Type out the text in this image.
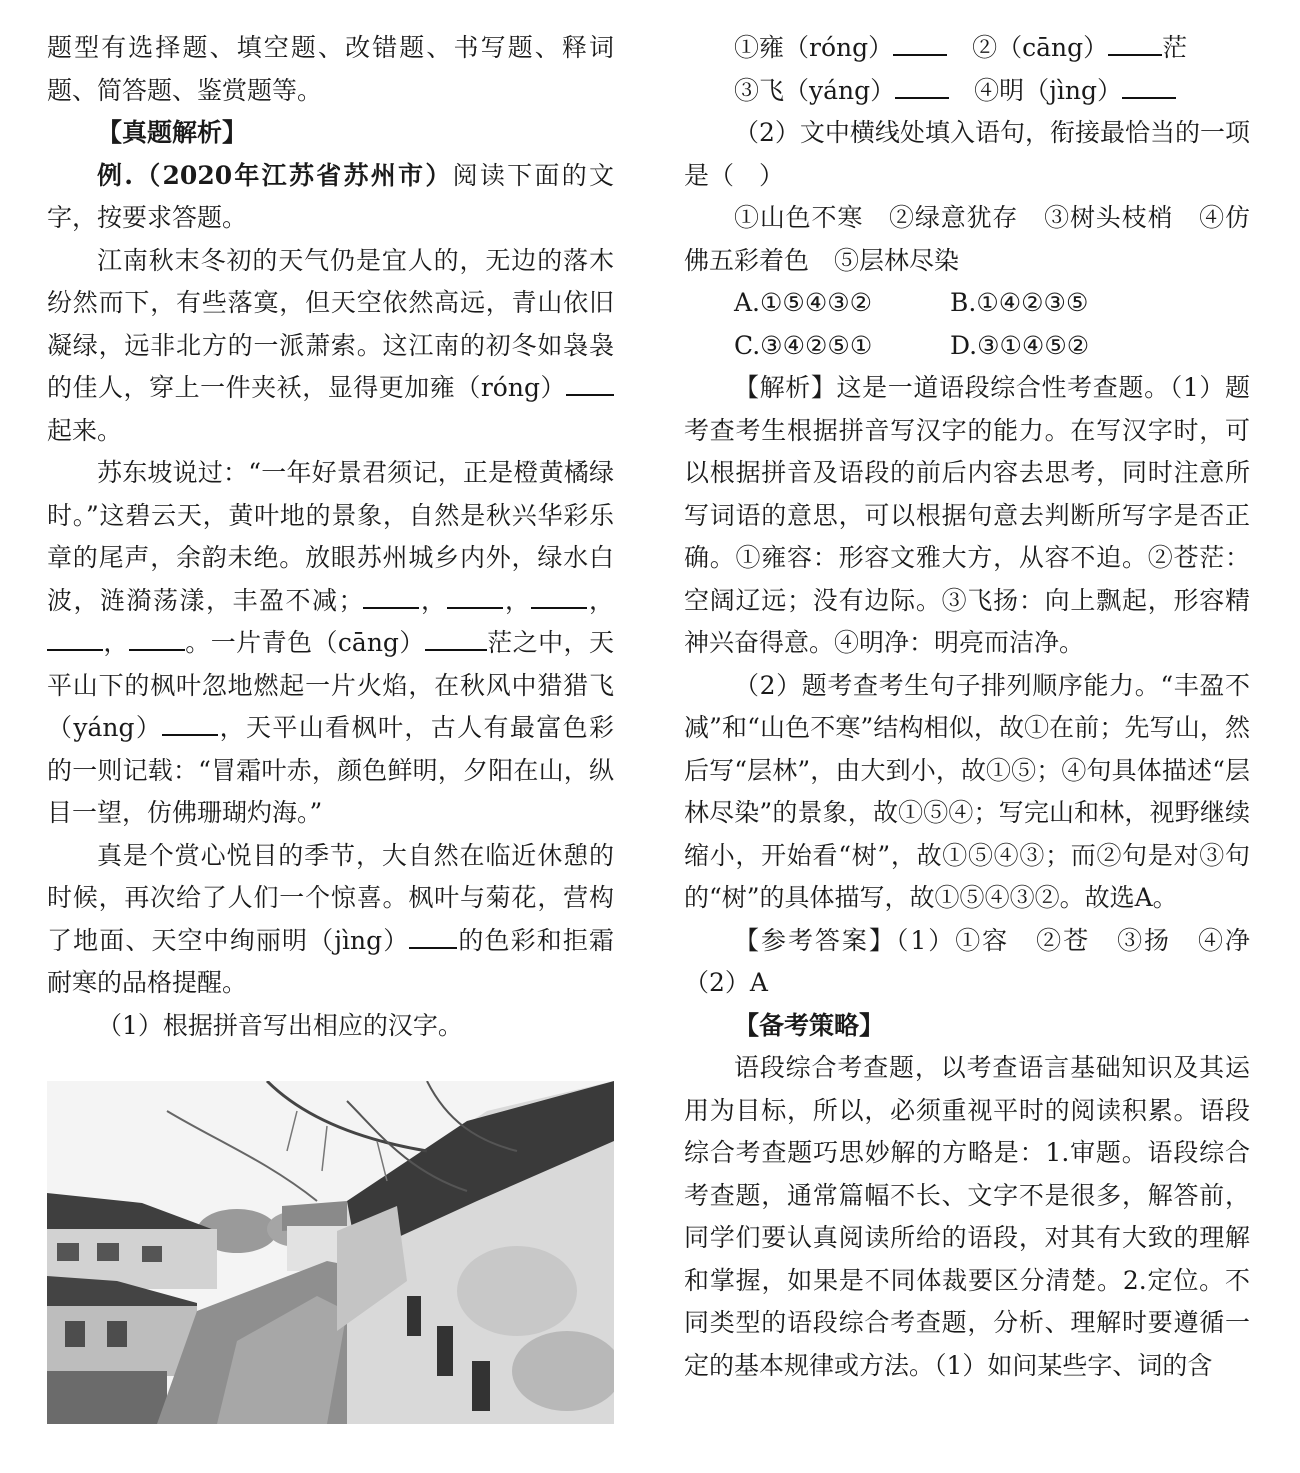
题型有选择题、填空题、改错题、书写题、释词题、简答题、鉴赏题等。

【真题解析】

例.（2020年江苏省苏州市）阅读下面的文字，按要求答题。

江南秋末冬初的天气仍是宜人的，无边的落木纷然而下，有些落寞，但天空依然高远，青山依旧凝绿，远非北方的一派萧索。这江南的初冬如袅袅的佳人，穿上一件夹袄，显得更加雍（róng）起来。

苏东坡说过：“一年好景君须记，正是橙黄橘绿时。”这碧云天，黄叶地的景象，自然是秋兴华彩乐章的尾声，余韵未绝。放眼苏州城乡内外，绿水白波，涟漪荡漾，丰盈不减； ， ， ，， 。一片青色（cāng） 茫之中，天平山下的枫叶忽地燃起一片火焰，在秋风中猎猎飞（yáng） ，天平山看枫叶，古人有最富色彩的一则记载：“冒霜叶赤，颜色鲜明，夕阳在山，纵目一望，仿佛珊瑚灼海。”

真是个赏心悦目的季节，大自然在临近休憩的时候，再次给了人们一个惊喜。枫叶与菊花，营构了地面、天空中绚丽明（jìng） 的色彩和拒霜耐寒的品格提醒。

（1）根据拼音写出相应的汉字。

①雍（róng）　	②（cāng） 茫

③飞（yáng）　	④明（jìng）

（2）文中横线处填入语句，衔接最恰当的一项是（　）

①山色不寒　②绿意犹存　③树头枝梢　④仿佛五彩着色　⑤层林尽染

A.①⑤④③②	B.①④②③⑤

C.③④②⑤①	D.③①④⑤②

【解析】这是一道语段综合性考查题。（1）题考查考生根据拼音写汉字的能力。在写汉字时，可以根据拼音及语段的前后内容去思考，同时注意所写词语的意思，可以根据句意去判断所写字是否正确。①雍容：形容文雅大方，从容不迫。②苍茫：空阔辽远；没有边际。③飞扬：向上飘起，形容精神兴奋得意。④明净：明亮而洁净。

（2）题考查考生句子排列顺序能力。“丰盈不减”和“山色不寒”结构相似，故①在前；先写山，然后写“层林”，由大到小，故①⑤；④句具体描述“层林尽染”的景象，故①⑤④；写完山和林，视野继续缩小，开始看“树”，故①⑤④③；而②句是对③句的“树”的具体描写，故①⑤④③②。故选A。

【参考答案】（1）①容　②苍　③扬　④净（2）A

【备考策略】

语段综合考查题，以考查语言基础知识及其运用为目标，所以，必须重视平时的阅读积累。语段综合考查题巧思妙解的方略是：1.审题。语段综合考查题，通常篇幅不长、文字不是很多，解答前，同学们要认真阅读所给的语段，对其有大致的理解和掌握，如果是不同体裁要区分清楚。2.定位。不同类型的语段综合考查题，分析、理解时要遵循一定的基本规律或方法。（1）如问某些字、词的含
